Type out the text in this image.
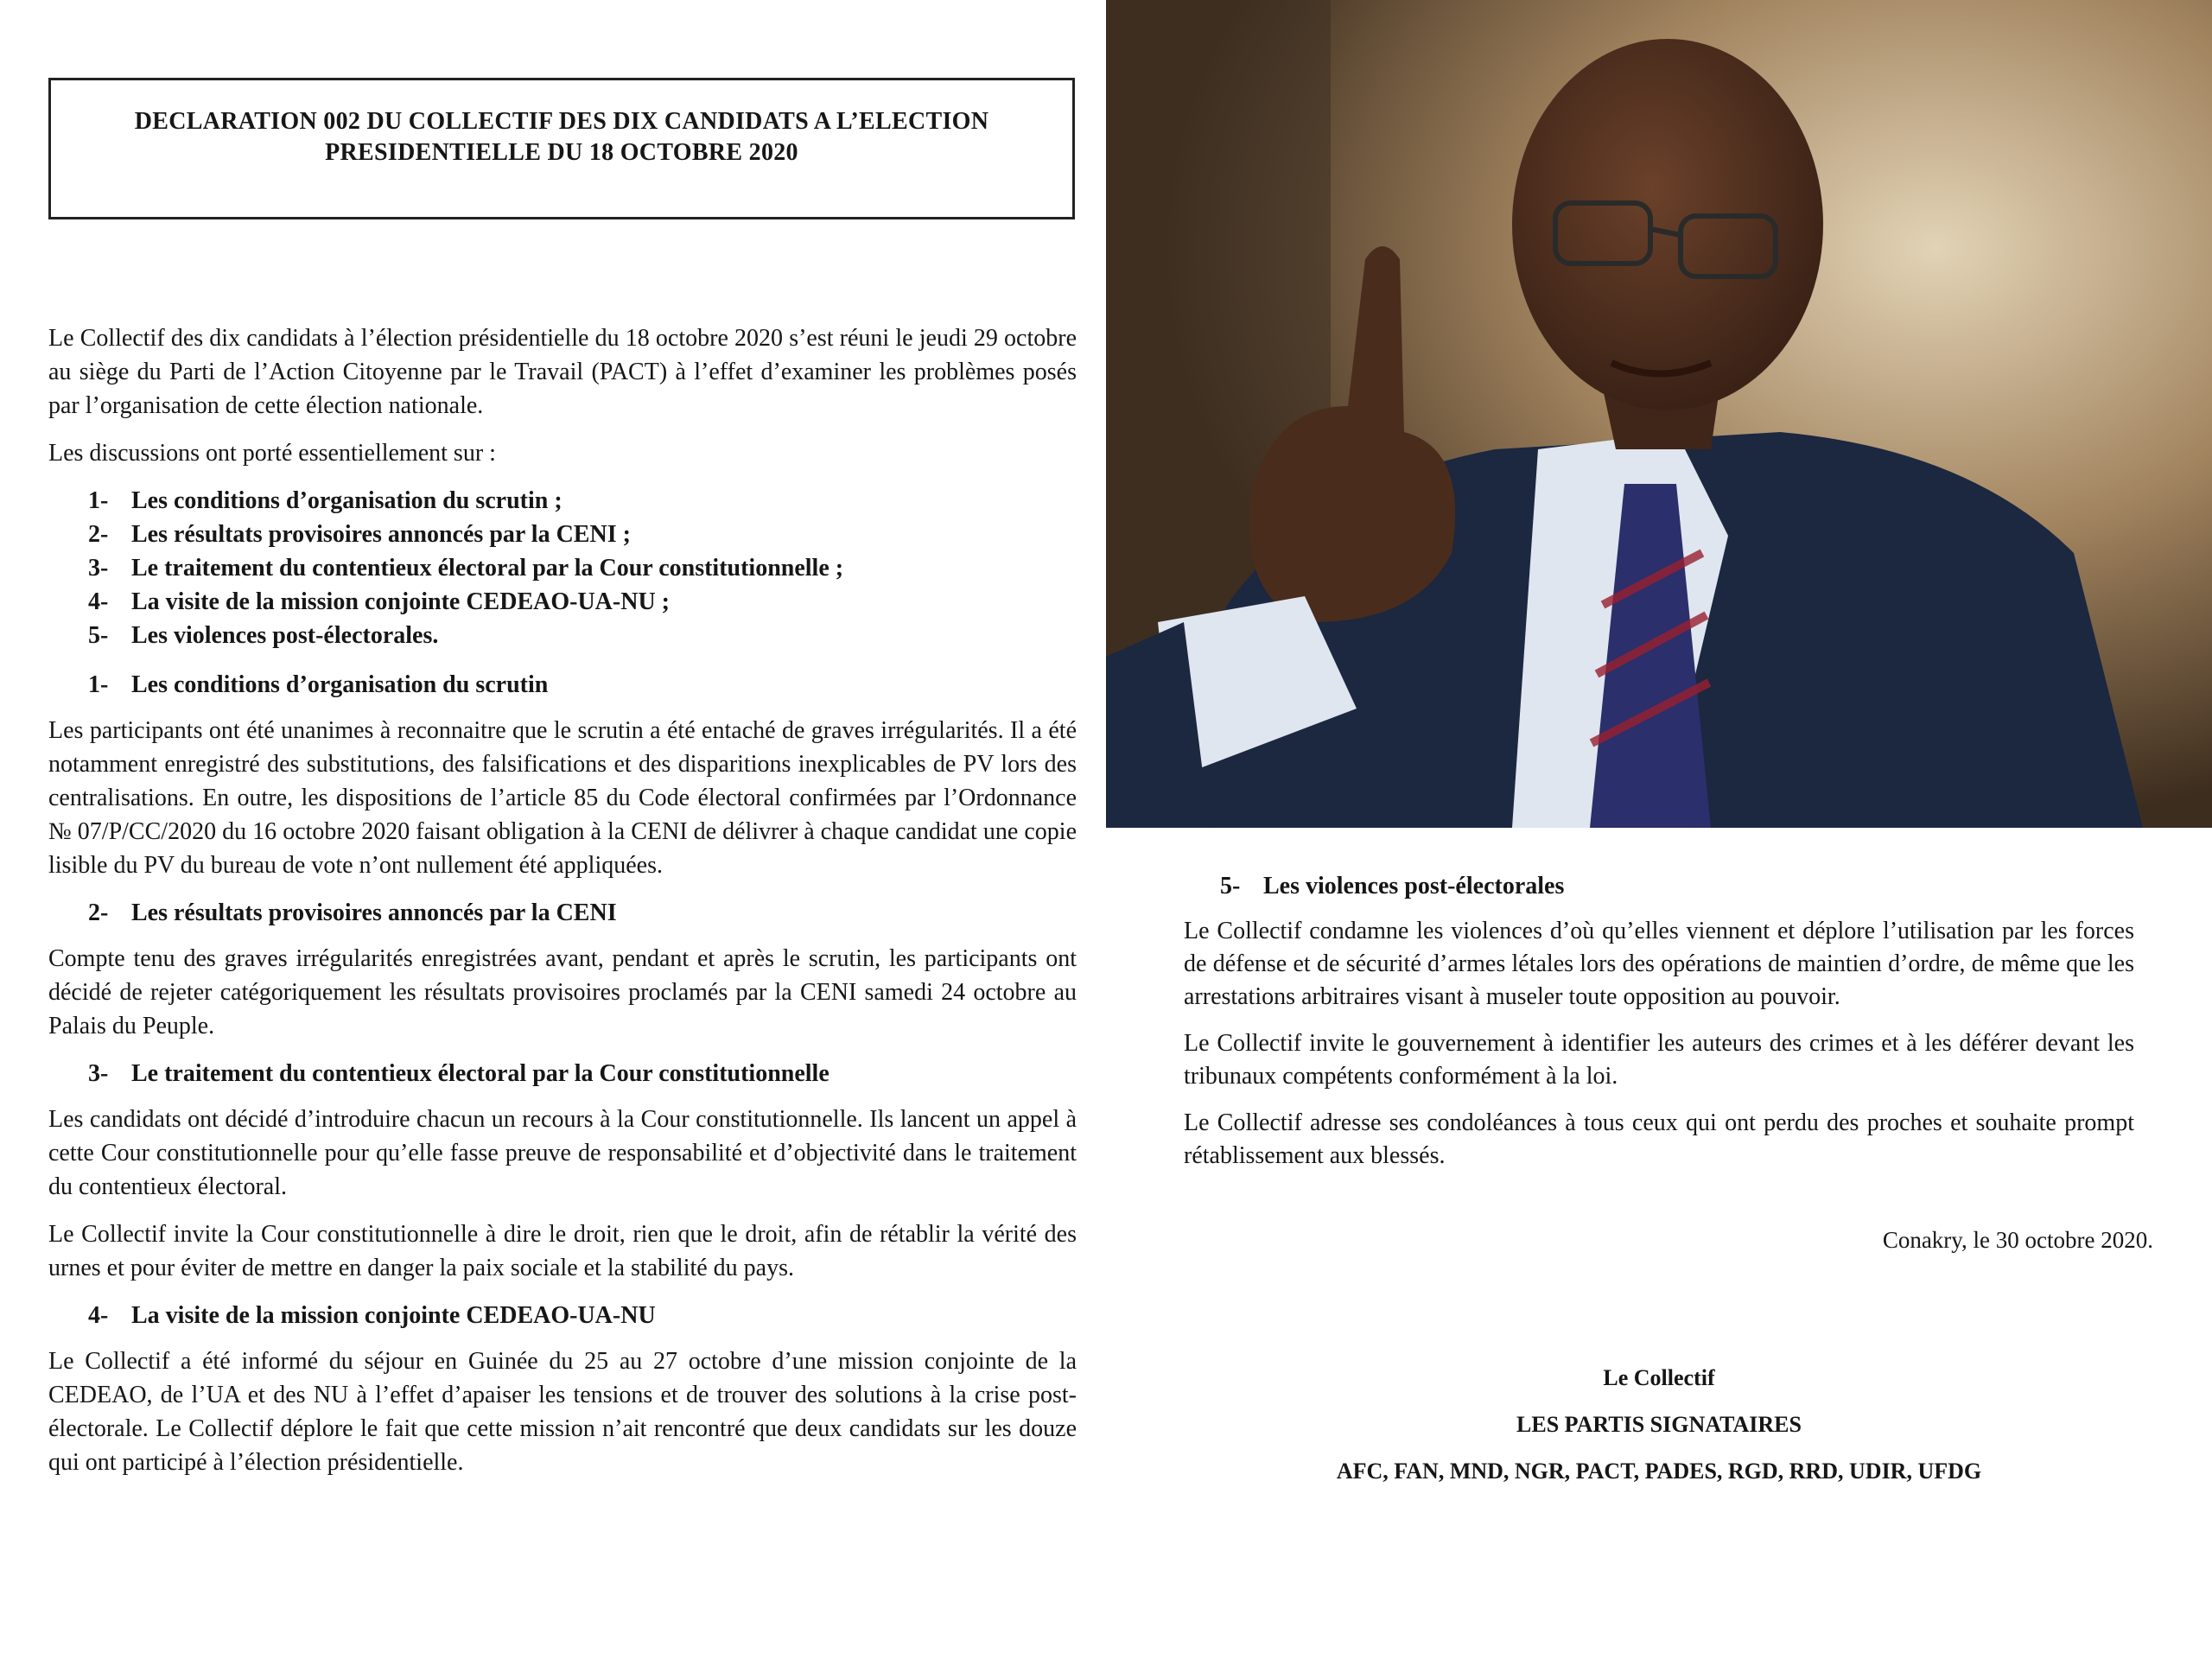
DECLARATION 002 DU COLLECTIF DES DIX CANDIDATS A L’ELECTION
PRESIDENTIELLE DU 18 OCTOBRE 2020

Le Collectif des dix candidats à l’élection présidentielle du 18 octobre 2020 s’est réuni le jeudi 29 octobre au siège du Parti de l’Action Citoyenne par le Travail (PACT) à l’effet d’examiner les problèmes posés par l’organisation de cette élection nationale.

Les discussions ont porté essentiellement sur :

1- Les conditions d’organisation du scrutin ;
2- Les résultats provisoires annoncés par la CENI ;
3- Le traitement du contentieux électoral par la Cour constitutionnelle ;
4- La visite de la mission conjointe CEDEAO-UA-NU ;
5- Les violences post-électorales.
1- Les conditions d’organisation du scrutin

Les participants ont été unanimes à reconnaitre que le scrutin a été entaché de graves irrégularités. Il a été notamment enregistré des substitutions, des falsifications et des disparitions inexplicables de PV lors des centralisations. En outre, les dispositions de l’article 85 du Code électoral confirmées par l’Ordonnance № 07/P/CC/2020 du 16 octobre 2020 faisant obligation à la CENI de délivrer à chaque candidat une copie lisible du PV du bureau de vote n’ont nullement été appliquées.

2- Les résultats provisoires annoncés par la CENI

Compte tenu des graves irrégularités enregistrées avant, pendant et après le scrutin, les participants ont décidé de rejeter catégoriquement les résultats provisoires proclamés par la CENI samedi 24 octobre au Palais du Peuple.

3- Le traitement du contentieux électoral par la Cour constitutionnelle

Les candidats ont décidé d’introduire chacun un recours à la Cour constitutionnelle. Ils lancent un appel à cette Cour constitutionnelle pour qu’elle fasse preuve de responsabilité et d’objectivité dans le traitement du contentieux électoral.

Le Collectif invite la Cour constitutionnelle à dire le droit, rien que le droit, afin de rétablir la vérité des urnes et pour éviter de mettre en danger la paix sociale et la stabilité du pays.

4- La visite de la mission conjointe CEDEAO-UA-NU

Le Collectif a été informé du séjour en Guinée du 25 au 27 octobre d’une mission conjointe de la CEDEAO, de l’UA et des NU à l’effet d’apaiser les tensions et de trouver des solutions à la crise post-électorale. Le Collectif déplore le fait que cette mission n’ait rencontré que deux candidats sur les douze qui ont participé à l’élection présidentielle.

5- Les violences post-électorales

Le Collectif condamne les violences d’où qu’elles viennent et déplore l’utilisation par les forces de défense et de sécurité d’armes létales lors des opérations de maintien d’ordre, de même que les arrestations arbitraires visant à museler toute opposition au pouvoir.

Le Collectif invite le gouvernement à identifier les auteurs des crimes et à les déférer devant les tribunaux compétents conformément à la loi.

Le Collectif adresse ses condoléances à tous ceux qui ont perdu des proches et souhaite prompt rétablissement aux blessés.

Conakry, le 30 octobre 2020.
Le Collectif
LES PARTIS SIGNATAIRES
AFC, FAN, MND, NGR, PACT, PADES, RGD, RRD, UDIR, UFDG
